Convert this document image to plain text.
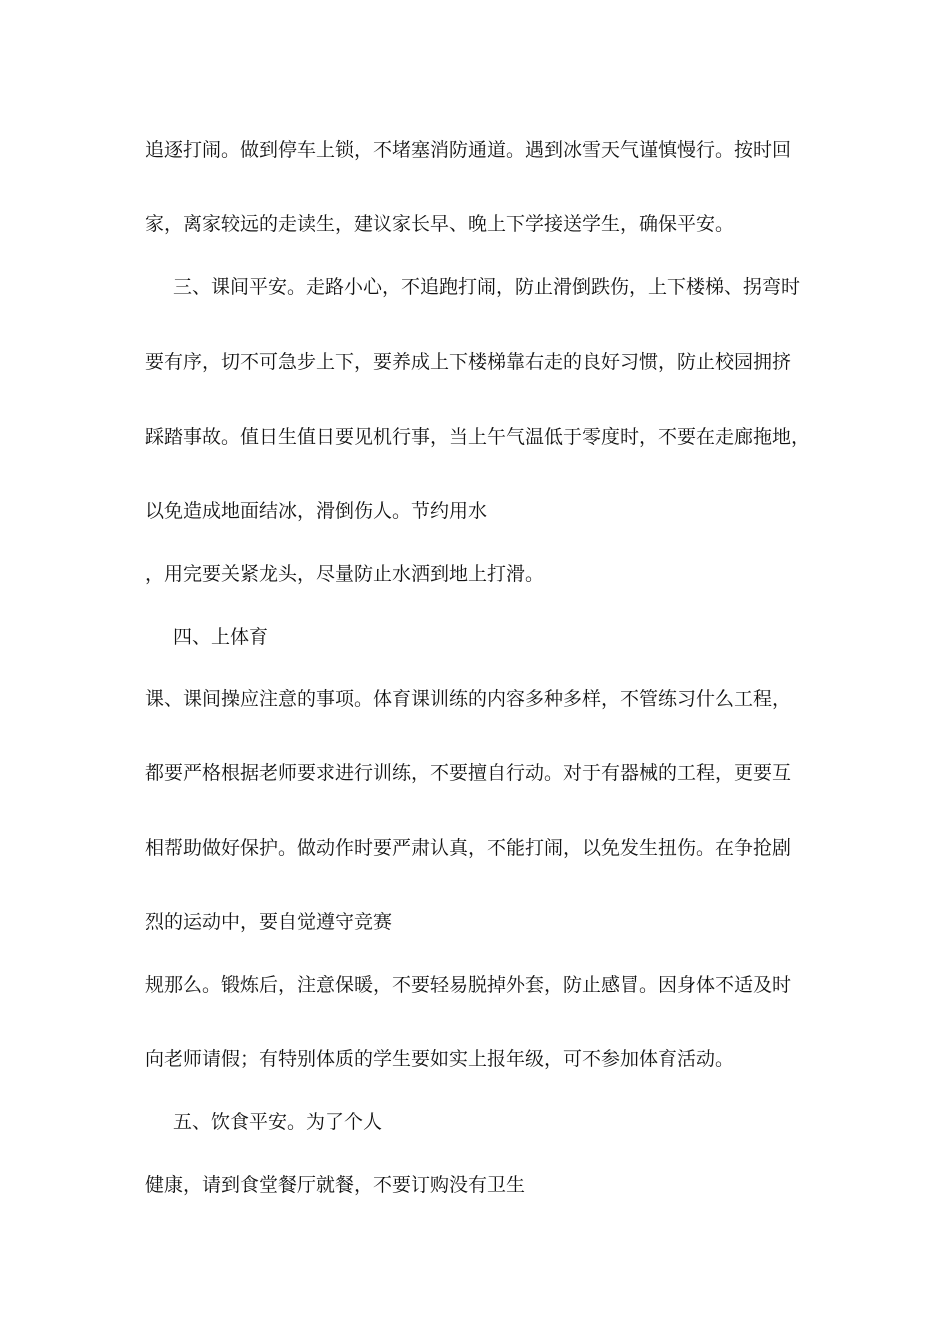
追逐打闹。做到停车上锁，不堵塞消防通道。遇到冰雪天气谨慎慢行。按时回
家，离家较远的走读生，建议家长早、晚上下学接送学生，确保平安。
三、课间平安。走路小心，不追跑打闹，防止滑倒跌伤，上下楼梯、拐弯时
要有序，切不可急步上下，要养成上下楼梯靠右走的良好习惯，防止校园拥挤
踩踏事故。值日生值日要见机行事，当上午气温低于零度时，不要在走廊拖地，
以免造成地面结冰，滑倒伤人。节约用水
，用完要关紧龙头，尽量防止水洒到地上打滑。
四、上体育
课、课间操应注意的事项。体育课训练的内容多种多样，不管练习什么工程，
都要严格根据老师要求进行训练，不要擅自行动。对于有器械的工程，更要互
相帮助做好保护。做动作时要严肃认真，不能打闹，以免发生扭伤。在争抢剧
烈的运动中，要自觉遵守竞赛
规那么。锻炼后，注意保暖，不要轻易脱掉外套，防止感冒。因身体不适及时
向老师请假；有特别体质的学生要如实上报年级，可不参加体育活动。
五、饮食平安。为了个人
健康，请到食堂餐厅就餐，不要订购没有卫生
